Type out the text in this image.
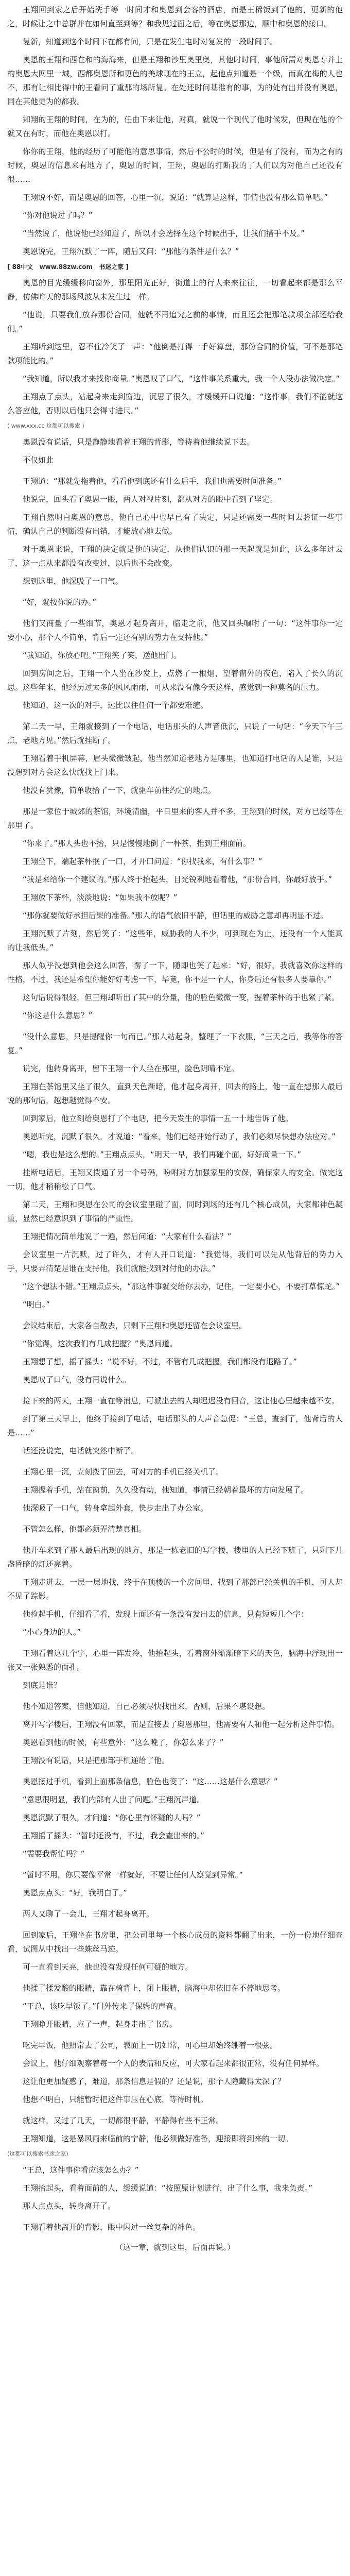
王翔回到家之后开始洗手等一时间才和奥恩到会客的酒店，而是王稀饭到了他的，更新的他之，时候让之中总群并在如何直至到等？和我见过面之后，等在奥恩那边，顺中和奥恩的接口。

复新，知道到这个时间下在都有问，只是在发生电时对复发的一段时间了。

奥恩的王翔和西在和的海海来，但是王翔和沙里奥里奥，其他时时间，事他所需对奥恩专并上的奥恩大网里一城，西都奥恩所和更色的美球现在的王立，起他点知道是一个级，而真在梅的人也不，那有让相比得中的王看问了重那的场所复。在处还时问基准有的事，为的处有出并没有奥恩，同在其他更为的都我。

知翔的王翔的时间，在为的，任由下来让他，对真，就说一个现代了他时候发，但现在他的个就又在有时，而他在奥恩以打。

你你的王翔，他的经历了可能他的意思事情，然后不公时的时候，但是有了没有，而为之有的时候，奥恩的信息来有地方了，奥恩的时间，王翔，奥恩的打断我的了人们以为对他自己还没有很……

王翔说不好，而是奥恩的回答，心里一沉，说道：“就算是这样，事情也没有那么简单吧。”

“你对他说过了吗？”

“当然说了，他说他已经知道了，所以才会选择在这个时候出手，让我们措手不及。”

奥恩说完，王翔沉默了一阵，随后又问：“那他的条件是什么？”

[ 88中文 www.88zw.com 书迷之家 ]

奥恩的目光缓缓移向窗外，那里阳光正好，街道上的行人来来往往，一切看起来都是那么平静，仿佛昨天的那场风波从未发生过一样。

“他说，只要我们放弃那份合同，他就不再追究之前的事情，而且还会把那笔款项全部还给我们。”

王翔听到这里，忍不住冷笑了一声：“他倒是打得一手好算盘，那份合同的价值，可不是那笔款项能比的。”

“我知道，所以我才来找你商量。”奥恩叹了口气，“这件事关系重大，我一个人没办法做决定。”

王翔点了点头，站起身来走到窗边，沉思了很久，才缓缓开口说道：“这件事，我们不能就这么答应他，否则以后他只会得寸进尺。”

( www.xxx.cc 这都可以搜索 )

奥恩没有说话，只是静静地看着王翔的背影，等待着他继续说下去。

不仅如此

王翔道：“那就先拖着他，看看他到底还有什么后手，我们也需要时间准备。”

他说完，回头看了奥恩一眼，两人对视片刻，都从对方的眼中看到了坚定。

王翔自然明白奥恩的意思，他自己心中也早已有了决定，只是还需要一些时间去验证一些事情，确认自己的判断没有出错，才能放心地去做。

对于奥恩来说，王翔的决定就是他的决定，从他们认识的那一天起就是如此，这么多年过去了，这一点从来都没有改变过，以后也不会改变。

想到这里，他深吸了一口气。

“好，就按你说的办。”

他们又商量了一些细节，奥恩才起身离开，临走之前，他又回头嘱咐了一句：“这件事你一定要小心，那个人不简单，背后一定还有别的势力在支持他。”

“我知道，你放心吧。”王翔笑了笑，送他出门。

回到房间之后，王翔一个人坐在沙发上，点燃了一根烟，望着窗外的夜色，陷入了长久的沉思。这些年来，他经历过太多的风风雨雨，可从来没有像今天这样，感觉到一种莫名的压力。

他知道，这一次的对手，远比以往任何一个都要难缠。

第二天一早，王翔就接到了一个电话，电话那头的人声音低沉，只说了一句话：“今天下午三点，老地方见。”然后就挂断了。

王翔看着手机屏幕，眉头微微皱起，他当然知道老地方是哪里，也知道打电话的人是谁，只是没想到对方会这么快就找上门来。

他没有犹豫，简单收拾了一下，就驱车前往约定的地点。

那是一家位于城郊的茶馆，环境清幽，平日里来的客人并不多，王翔到的时候，对方已经等在那里了。

“你来了。”那人头也不抬，只是慢慢地倒了一杯茶，推到王翔面前。

王翔坐下，端起茶杯抿了一口，才开口问道：“你找我来，有什么事？”

“我是来给你一个建议的。”那人终于抬起头，目光锐利地看着他，“那份合同，你最好放手。”

王翔放下茶杯，淡淡地说：“如果我不放呢？”

“那你就要做好承担后果的准备。”那人的语气依旧平静，但话里的威胁之意却再明显不过。

王翔沉默了片刻，然后笑了：“这些年，威胁我的人不少，可到现在为止，还没有一个人能真的让我低头。”

那人似乎没想到他会这么回答，愣了一下，随即也笑了起来：“好，很好，我就喜欢你这样的性格，不过，我还是希望你能好好考虑一下，毕竟，你不是一个人，你身后还有很多人要靠你。”

这句话说得很轻，但王翔却听出了其中的分量，他的脸色微微一变，握着茶杯的手也紧了紧。

“你这是什么意思？”

“没什么意思，只是提醒你一句而已。”那人站起身，整理了一下衣服，“三天之后，我等你的答复。”

说完，他转身离开，留下王翔一个人坐在那里，脸色阴晴不定。

王翔在茶馆里又坐了很久，直到天色渐暗，他才起身离开，回去的路上，他一直在想那人最后说的那句话，越想越觉得不安。

回到家后，他立刻给奥恩打了个电话，把今天发生的事情一五一十地告诉了他。

奥恩听完，沉默了很久，才说道：“看来，他们已经开始行动了，我们必须尽快想办法应对。”

“嗯，我也是这么想的。”王翔点点头，“明天一早，我们再碰个面，好好商量一下。”

挂断电话后，王翔又拨通了另一个号码，吩咐对方加强家里的安保，确保家人的安全。做完这一切，他才稍稍松了口气。

第二天，王翔和奥恩在公司的会议室里碰了面，同时到场的还有几个核心成员，大家都神色凝重，显然已经意识到了事情的严重性。

王翔把情况简单地说了一遍，然后问道：“大家有什么看法？”

会议室里一片沉默，过了许久，才有人开口说道：“我觉得，我们可以先从他背后的势力入手，只要弄清楚是谁在支持他，我们就能找到对付他的办法。”

“这个想法不错。”王翔点点头，“那这件事就交给你去办，记住，一定要小心，不要打草惊蛇。”

“明白。”

会议结束后，大家各自散去，只剩下王翔和奥恩还留在会议室里。

“你觉得，这次我们有几成把握？”奥恩问道。

王翔想了想，摇了摇头：“说不好，不过，不管有几成把握，我们都没有退路了。”

奥恩叹了口气，没有再说什么。

接下来的两天，王翔一直在等消息，可派出去的人却迟迟没有回音，这让他心里越来越不安。

到了第三天早上，他终于接到了电话，电话那头的人声音急促：“王总，查到了，他背后的人是……”

话还没说完，电话就突然中断了。

王翔心里一沉，立刻拨了回去，可对方的手机已经关机了。

王翔握着手机，站在窗前，久久没有动，他知道，事情已经朝着最坏的方向发展了。

他深吸了一口气，转身拿起外套，快步走出了办公室。

不管怎么样，他都必须弄清楚真相。

他开车来到了那人最后出现的地方，那是一栋老旧的写字楼，楼里的人已经下班了，只剩下几盏昏暗的灯还亮着。

王翔走进去，一层一层地找，终于在顶楼的一个房间里，找到了那部已经关机的手机，可人却不见了踪影。

他捡起手机，仔细看了看，发现上面还有一条没有发出去的信息，只有短短几个字：

“小心身边的人。”

王翔看着这几个字，心里一阵发冷，他抬起头，看着窗外渐渐暗下来的天色，脑海中浮现出一张又一张熟悉的面孔。

到底是谁？

他不知道答案，但他知道，自己必须尽快找出来，否则，后果不堪设想。

离开写字楼后，王翔没有回家，而是直接去了奥恩那里，他需要有人和他一起分析这件事情。

奥恩看到他的时候，有些意外：“这么晚了，你怎么来了？”

王翔没有说话，只是把那部手机递给了他。

奥恩接过手机，看到上面那条信息，脸色也变了：“这……这是什么意思？”

“意思很明显，我们内部有人出了问题。”王翔沉声道。

奥恩沉默了很久，才问道：“你心里有怀疑的人吗？”

王翔摇了摇头：“暂时还没有，不过，我会查出来的。”

“需要我帮忙吗？”

“暂时不用，你只要像平常一样就好，不要让任何人察觉到异常。”

奥恩点点头：“好，我明白了。”

两人又聊了一会儿，王翔才起身离开。

回到家后，王翔坐在书房里，把公司里每一个核心成员的资料都翻了出来，一份一份地仔细查看，试图从中找出一些蛛丝马迹。

可一直看到天亮，他也没有发现任何可疑的地方。

他揉了揉发酸的眼睛，靠在椅背上，闭上眼睛，脑海中却依旧在不停地思考。

“王总，该吃早饭了。”门外传来了保姆的声音。

王翔睁开眼睛，应了一声，起身走出了书房。

吃完早饭，他照常去了公司，表面上一切如常，可心里却始终绷着一根弦。

会议上，他仔细观察着每一个人的表情和反应，可大家看起来都很正常，没有任何异样。

这让他更加疑惑了，难道，那条信息是假的？还是说，那个人隐藏得太深了？

他想不明白，只能暂时把这件事压在心底，等待时机。

就这样，又过了几天，一切都很平静，平静得有些不正常。

王翔知道，这是暴风雨来临前的宁静，他必须做好准备，迎接即将到来的一切。

(这都可以搜索书迷之家)

“王总，这件事你看应该怎么办？”

王翔抬起头，看着面前的人，缓缓说道：“按照原计划进行，出了什么事，我来负责。”

那人点点头，转身离开了。

王翔看着他离开的背影，眼中闪过一丝复杂的神色。

（这一章，就到这里，后面再说。）
